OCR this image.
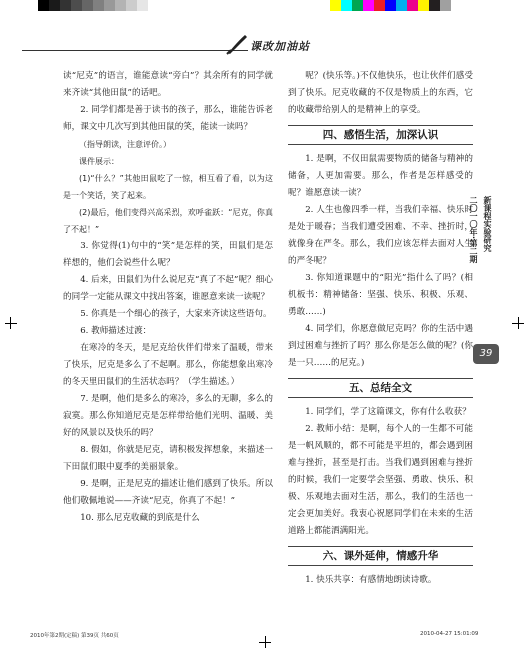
课改加油站

读“尼克”的语言，谁能意读“旁白”？其余所有的同学就来齐读“其他田鼠”的话吧。

2. 同学们都是善于读书的孩子，那么，谁能告诉老师，课文中几次写到其他田鼠的笑，能读一读吗？

（指导朗读，注意评价。）

课件展示：

(1)“什么？”其他田鼠吃了一惊，相互看了看，以为这是一个笑话，笑了起来。

(2)最后，他们变得兴高采烈，欢呼雀跃：“尼克，你真了不起！”

3. 你觉得(1)句中的“笑”是怎样的笑，田鼠们是怎样想的，他们会说些什么呢？

4. 后来，田鼠们为什么说尼克“真了不起”呢？细心的同学一定能从课文中找出答案，谁愿意来读一读呢？

5. 你真是一个细心的孩子，大家来齐读这些语句。

6. 教师描述过渡：

在寒冷的冬天，是尼克给伙伴们带来了温暖，带来了快乐，尼克是多么了不起啊。那么，你能想象出寒冷的冬天里田鼠们的生活状态吗？（学生描述。）

7. 是啊，他们是多么的寒冷，多么的无聊，多么的寂寞。那么你知道尼克是怎样带给他们光明、温暖、美好的风景以及快乐的吗？

8. 假如，你就是尼克，请积极发挥想象，来描述一下田鼠们眼中夏季的美丽景象。

9. 是啊，正是尼克的描述让他们感到了快乐。所以他们敬佩地说——齐读“尼克，你真了不起！”

10. 那么尼克收藏的到底是什么

呢？(快乐等。)不仅他快乐，也让伙伴们感受到了快乐。尼克收藏的不仅是物质上的东西，它的收藏带给别人的是精神上的享受。

四、感悟生活，加深认识

1. 是啊，不仅田鼠需要物质的储备与精神的储备，人更加需要。那么，作者是怎样感受的呢？谁愿意读一读？

2. 人生也像四季一样，当我们幸福、快乐时是处于暖春；当我们遭受困难、不幸、挫折时，就像身在严冬。那么，我们应该怎样去面对人生的严冬呢？

3. 你知道课题中的“阳光”指什么了吗？(相机板书：精神储备：坚强、快乐、积极、乐观、勇敢……)

4. 同学们，你愿意做尼克吗？你的生活中遇到过困难与挫折了吗？那么你是怎么做的呢？(你是一只……的尼克。)

五、总结全文

1. 同学们，学了这篇课文，你有什么收获？

2. 教师小结：是啊，每个人的一生都不可能是一帆风顺的，都不可能是平坦的，都会遇到困难与挫折，甚至是打击。当我们遇到困难与挫折的时候，我们一定要学会坚强、勇敢、快乐、积极、乐观地去面对生活，那么，我们的生活也一定会更加美好。我衷心祝愿同学们在未来的生活道路上都能洒满阳光。

六、课外延伸，情感升华

1. 快乐共享：有感情地朗读诗歌。

新课程实验研究
二〇一〇年·第二期
39
2010年第2期(定稿) 第39页 共60页	2010-04-27 15:01:09
